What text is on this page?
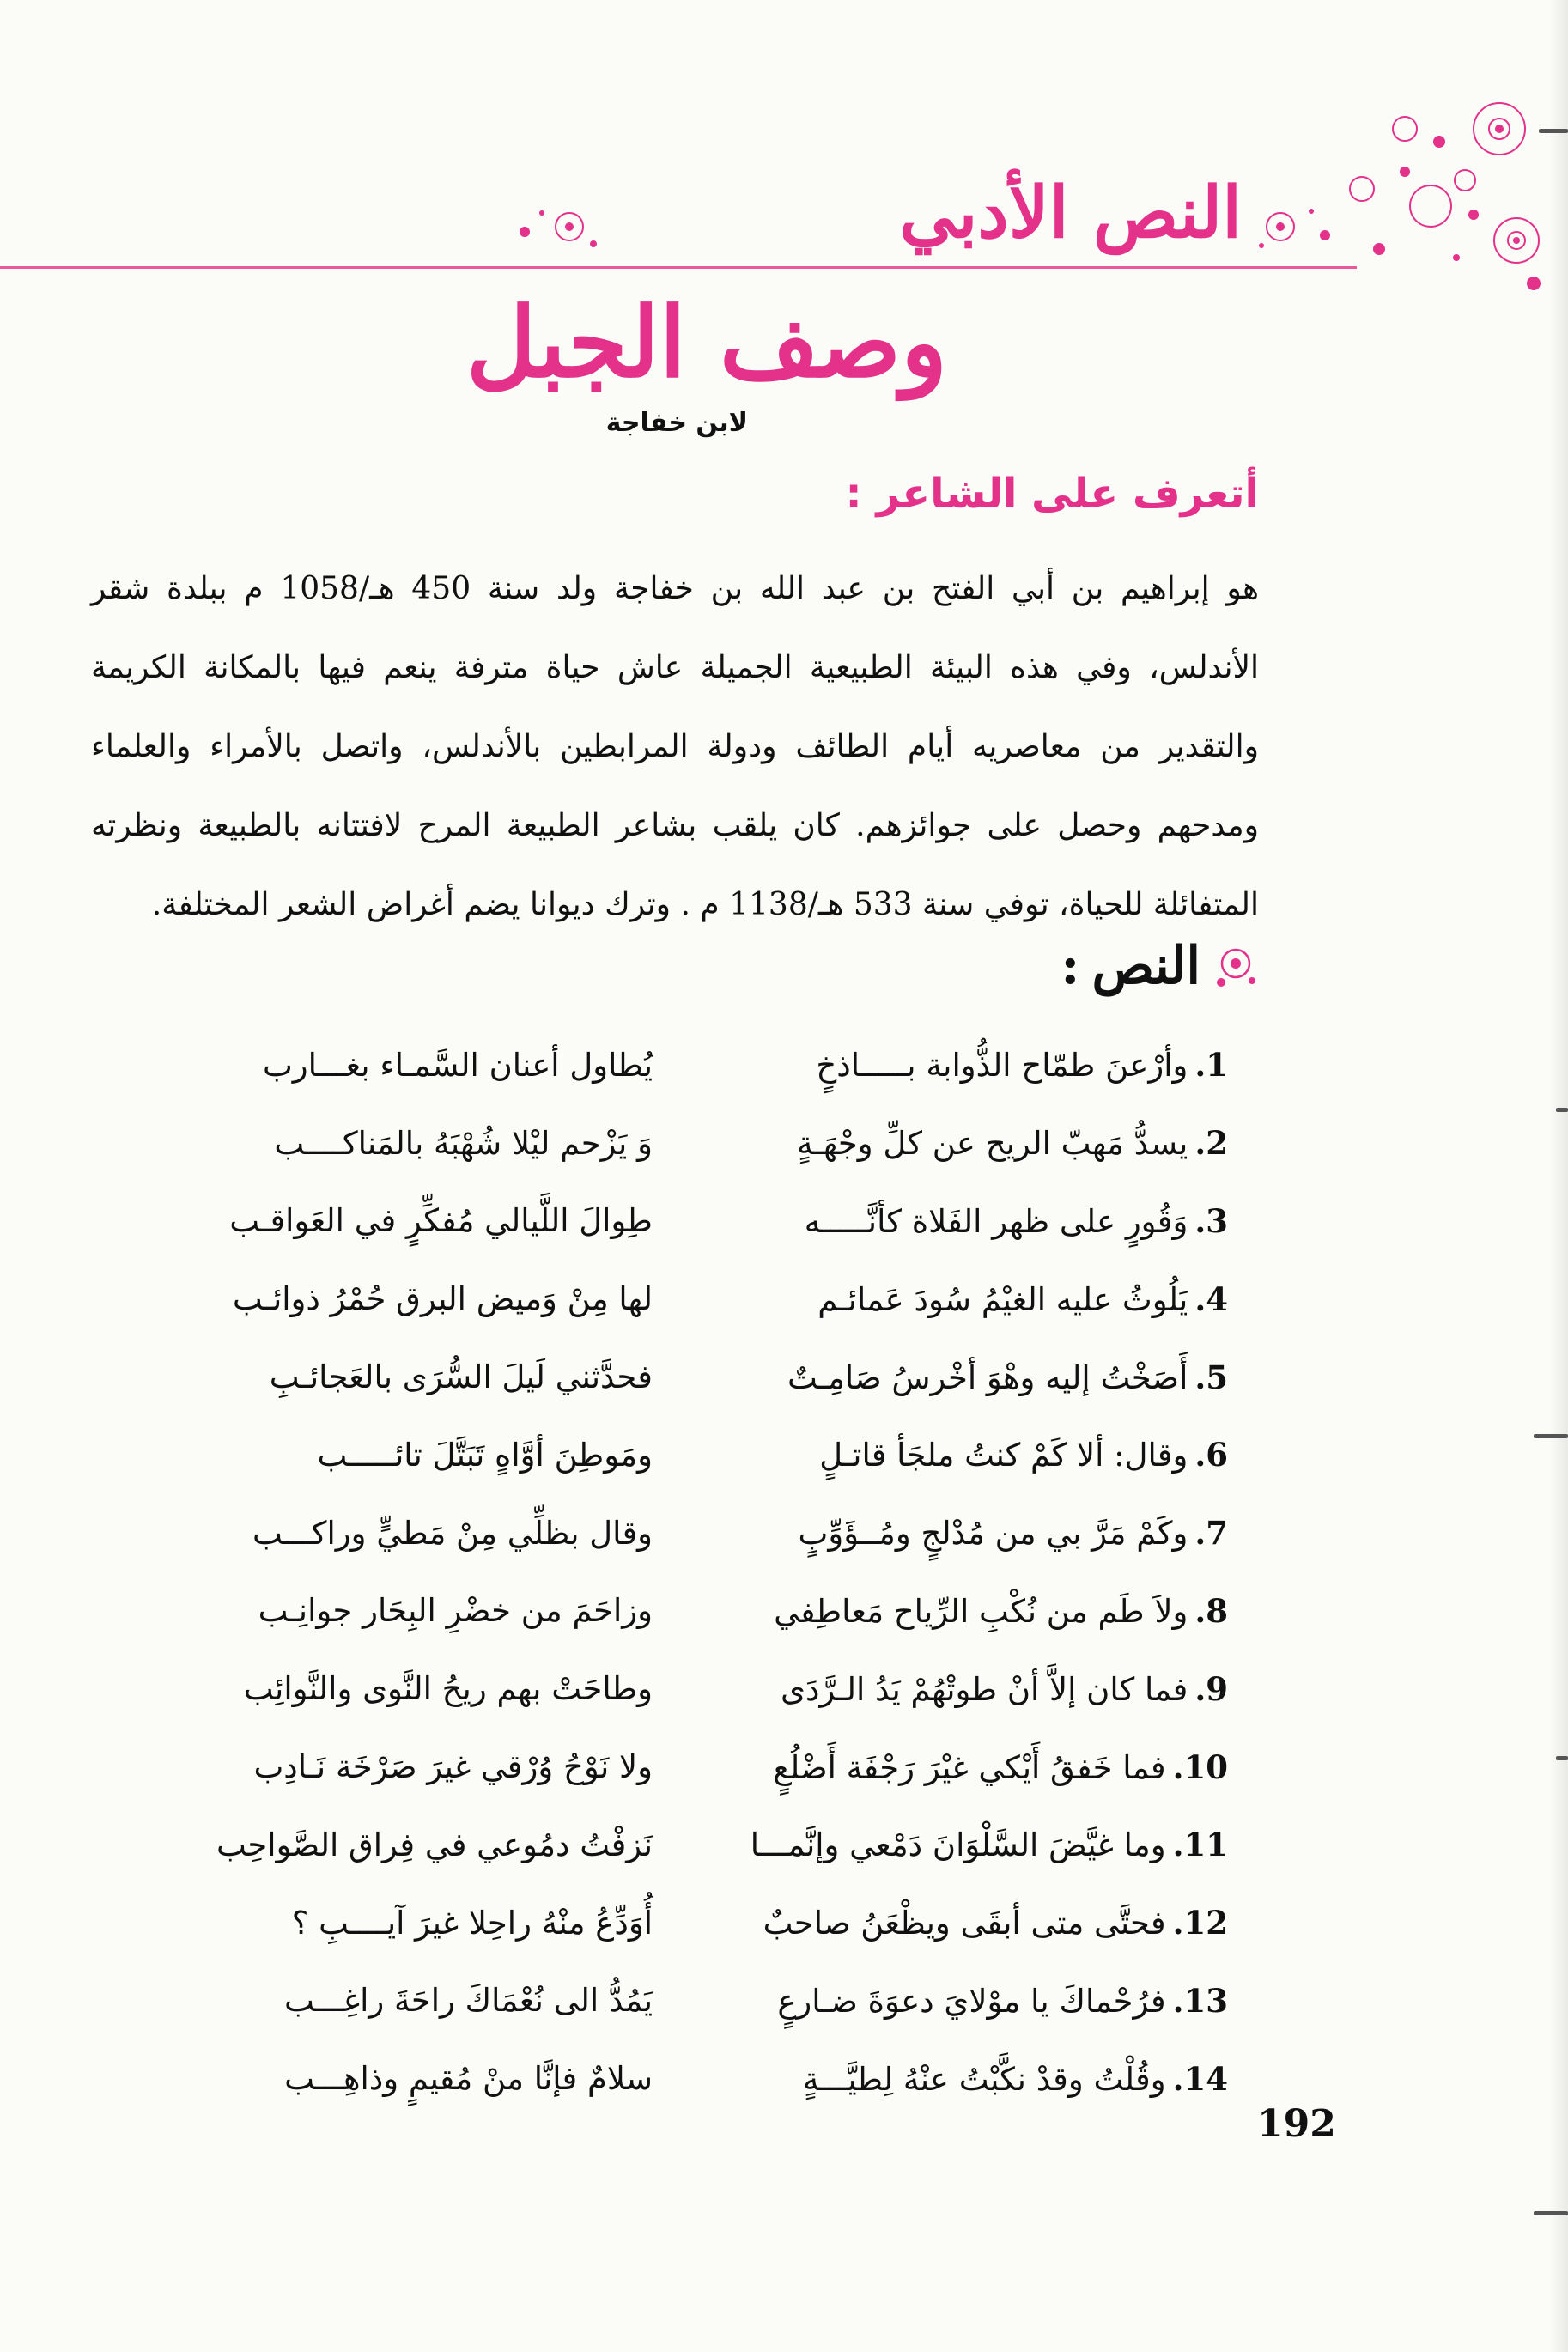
النص الأدبي
وصف الجبل
لابن خفاجة
أتعرف على الشاعر :

هو إبراهيم بن أبي الفتح بن عبد الله بن خفاجة ولد سنة 450 هـ/1058 م ببلدة شقر الأندلس، وفي هذه البيئة الطبيعية الجميلة عاش حياة مترفة ينعم فيها بالمكانة الكريمة والتقدير من معاصريه أيام الطائف ودولة المرابطين بالأندلس، واتصل بالأمراء والعلماء ومدحهم وحصل على جوائزهم. كان يلقب بشاعر الطبيعة المرح لافتتانه بالطبيعة ونظرته المتفائلة للحياة، توفي سنة 533 هـ/1138 م . وترك ديوانا يضم أغراض الشعر المختلفة.

النص
:
1.وأرْعنَ طمّاح الذُّوابة بـــــاذخٍ
يُطاول أعنان السَّمـاء بغـــارب
2.يسدُّ مَهبّ الريح عن كلِّ وجْهَـةٍ
وَ يَزْحم ليْلا شُهْبَهُ بالمَناكــــب
3.وَقُورٍ على ظهر الفَلاة كأنَّـــــه
طِوالَ اللَّيالي مُفكِّرٍ في العَواقـب
4.يَلُوثُ عليه الغيْمُ سُودَ عَمائـم
لها مِنْ وَميض البرق حُمْرُ ذوائـب
5.أَصَخْتُ إليه وهْوَ أخْرسُ صَامِـتٌ
فحدَّثني لَيلَ السُّرَى بالعَجائـبِ
6.وقال: ألا كَمْ كنتُ ملجَأ قاتـلٍ
ومَوطِنَ أوَّاهٍ تَبَتَّلَ تائـــــب
7.وكَمْ مَرَّ بي من مُدْلجٍ ومُــؤَوِّبٍ
وقال بظلِّي مِنْ مَطيٍّ وراكـــب
8.ولاَ طَم من نُكْبِ الرِّياح مَعاطِفي
وزاحَمَ من خضْرِ البِحَار جوانِـب
9.فما كان إلاَّ أنْ طوتْهُمْ يَدُ الـرَّدَى
وطاحَتْ بهم ريحُ النَّوى والنَّوائِب
10.فما خَفقُ أَيْكي غيْرَ رَجْفَة أَضْلُعٍ
ولا نَوْحُ وُرْقي غيرَ صَرْخَة نَـادِب
11.وما غيَّضَ السَّلْوَانَ دَمْعي وإنَّمـــا
نَزفْتُ دمُوعي في فِراق الصَّواحِب
12.فحتَّى متى أبقَى ويظْعَنُ صاحبٌ
أُوَدِّعُ منْهُ راحِلا غيرَ آيــــبِ ؟
13.فرُحْماكَ يا موْلايَ دعوَةَ ضـارعٍ
يَمُدُّ الى نُعْمَاكَ راحَةَ راغِـــب
14.وقُلْتُ وقدْ نكَّبْتُ عنْهُ لِطيَّـــةٍ
سلامٌ فإنَّا منْ مُقيمٍ وذاهِـــب
192
